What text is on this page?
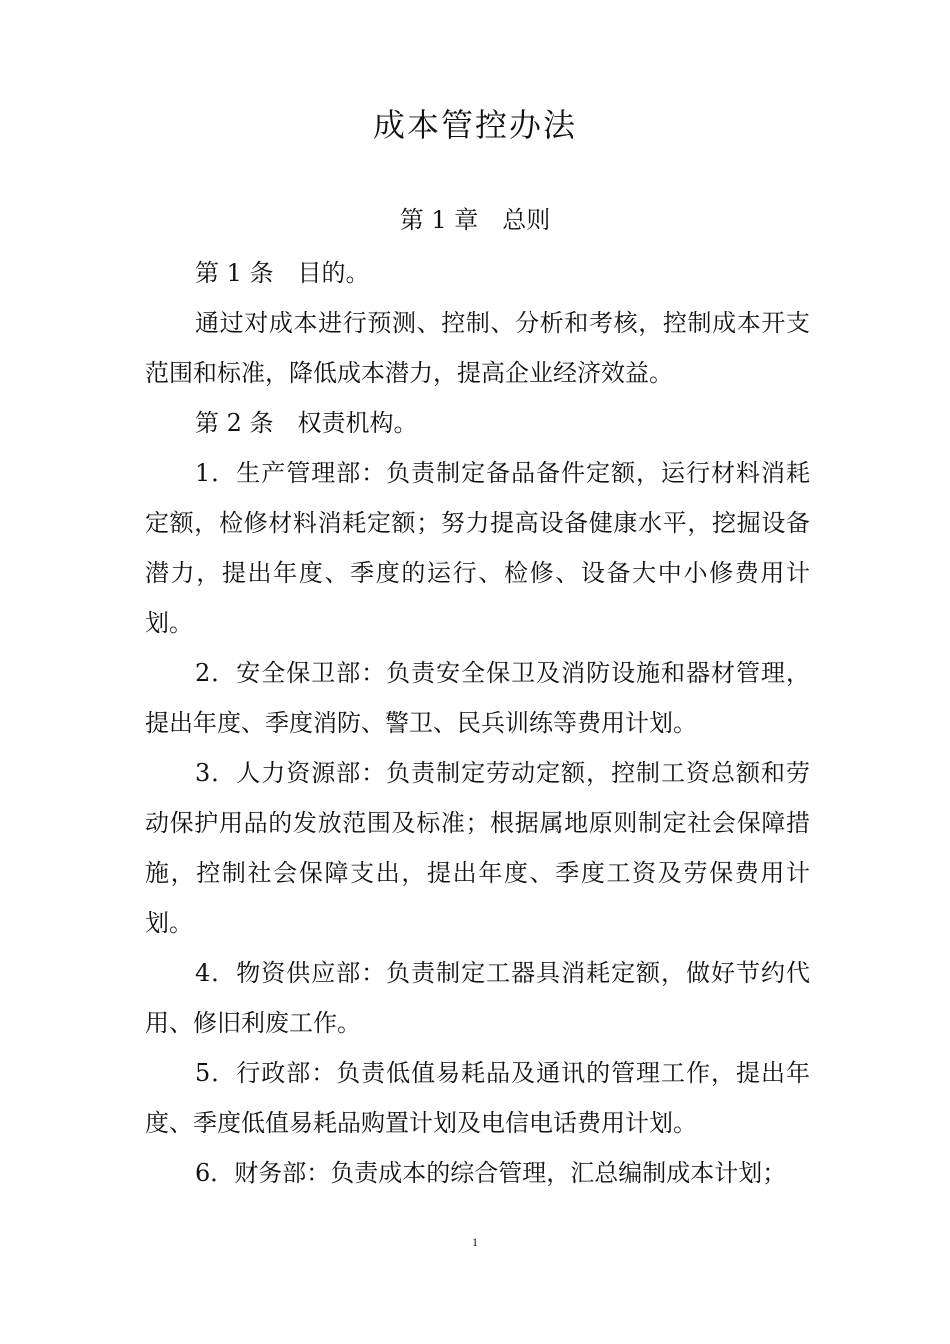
成本管控办法
第 1 章　总则

第 1 条　目的。

通过对成本进行预测、控制、分析和考核，控制成本开支范围和标准，降低成本潜力，提高企业经济效益。

第 2 条　权责机构。

1．生产管理部：负责制定备品备件定额，运行材料消耗定额，检修材料消耗定额；努力提高设备健康水平，挖掘设备潜力，提出年度、季度的运行、检修、设备大中小修费用计划。

2．安全保卫部：负责安全保卫及消防设施和器材管理，提出年度、季度消防、警卫、民兵训练等费用计划。

3．人力资源部：负责制定劳动定额，控制工资总额和劳动保护用品的发放范围及标准；根据属地原则制定社会保障措施，控制社会保障支出，提出年度、季度工资及劳保费用计划。

4．物资供应部：负责制定工器具消耗定额，做好节约代用、修旧利废工作。

5．行政部：负责低值易耗品及通讯的管理工作，提出年度、季度低值易耗品购置计划及电信电话费用计划。

6．财务部：负责成本的综合管理，汇总编制成本计划；

1
